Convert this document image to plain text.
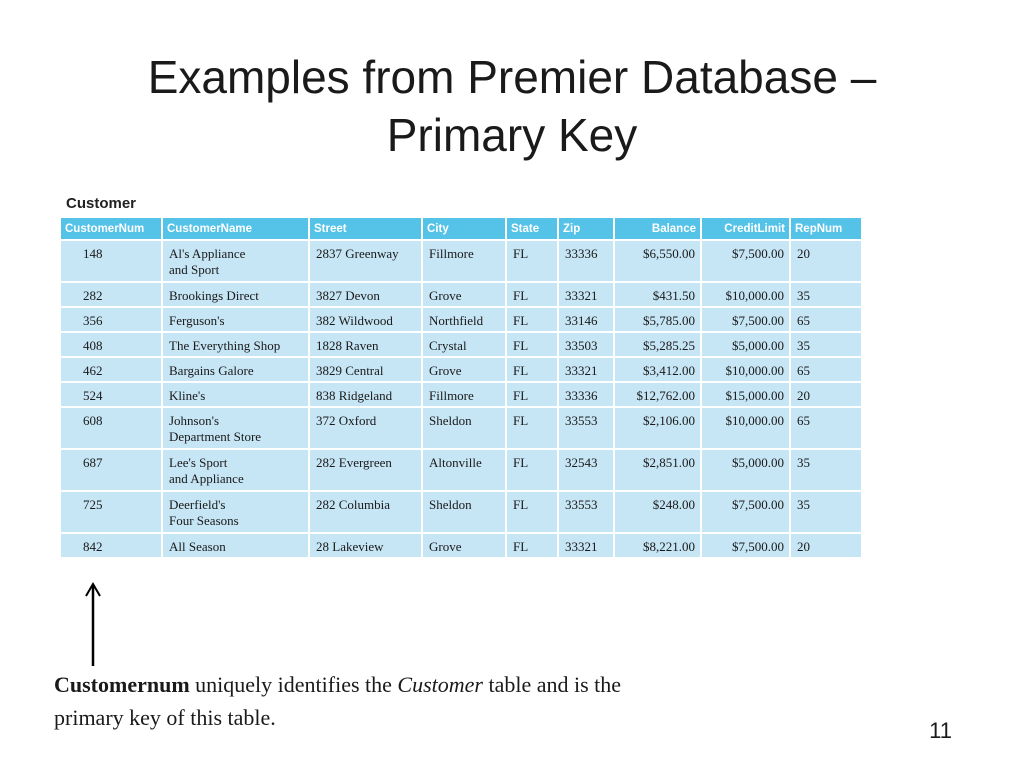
Examples from Premier Database –
Primary Key
Customer
CustomerNum	CustomerName	Street	City	State	Zip	Balance	CreditLimit	RepNum
148	Al's Appliance
and Sport	2837 Greenway	Fillmore	FL	33336	$6,550.00	$7,500.00	20
282	Brookings Direct	3827 Devon	Grove	FL	33321	$431.50	$10,000.00	35
356	Ferguson's	382 Wildwood	Northfield	FL	33146	$5,785.00	$7,500.00	65
408	The Everything Shop	1828 Raven	Crystal	FL	33503	$5,285.25	$5,000.00	35
462	Bargains Galore	3829 Central	Grove	FL	33321	$3,412.00	$10,000.00	65
524	Kline's	838 Ridgeland	Fillmore	FL	33336	$12,762.00	$15,000.00	20
608	Johnson's
Department Store	372 Oxford	Sheldon	FL	33553	$2,106.00	$10,000.00	65
687	Lee's Sport
and Appliance	282 Evergreen	Altonville	FL	32543	$2,851.00	$5,000.00	35
725	Deerfield's
Four Seasons	282 Columbia	Sheldon	FL	33553	$248.00	$7,500.00	35
842	All Season	28 Lakeview	Grove	FL	33321	$8,221.00	$7,500.00	20
Customernum uniquely identifies the Customer table and is the primary key of this table.
11
